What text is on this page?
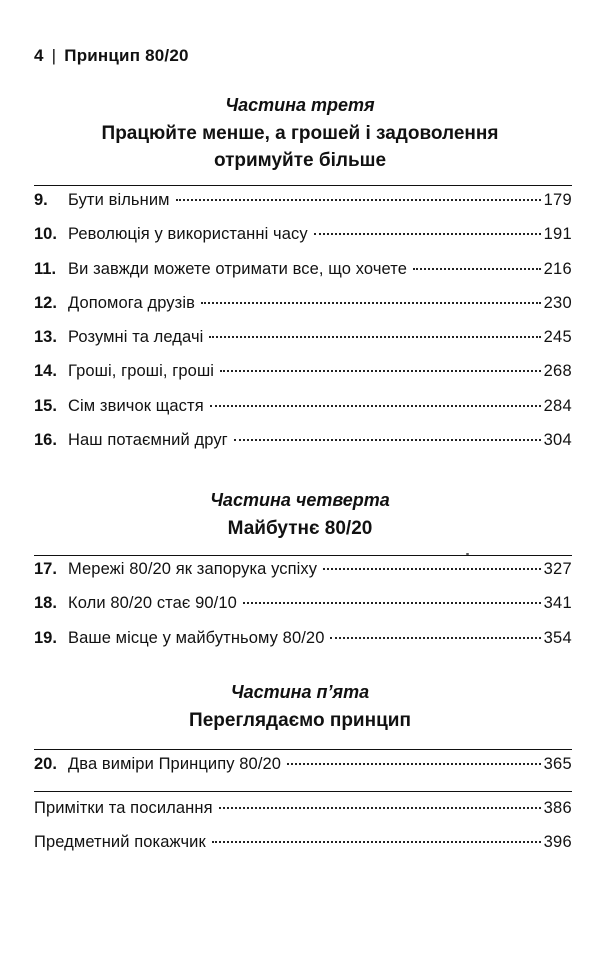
4 | Принцип 80/20
Частина третя
Працюйте менше, а грошей і задоволення
отримуйте більше
9.	Бути вільним	179
10. Революція у використанні часу	191
11. Ви завжди можете отримати все, що хочете	216
12. Допомога друзів	230
13. Розумні та ледачі	245
14. Гроші, гроші, гроші	268
15. Сім звичок щастя	284
16. Наш потаємний друг	304
Частина четверта
Майбутнє 80/20
17. Мережі 80/20 як запорука успіху	327
18. Коли 80/20 стає 90/10	341
19. Ваше місце у майбутньому 80/20	354
Частина п’ята
Переглядаємо принцип
20. Два виміри Принципу 80/20	365
Примітки та посилання	386
Предметний покажчик	396
